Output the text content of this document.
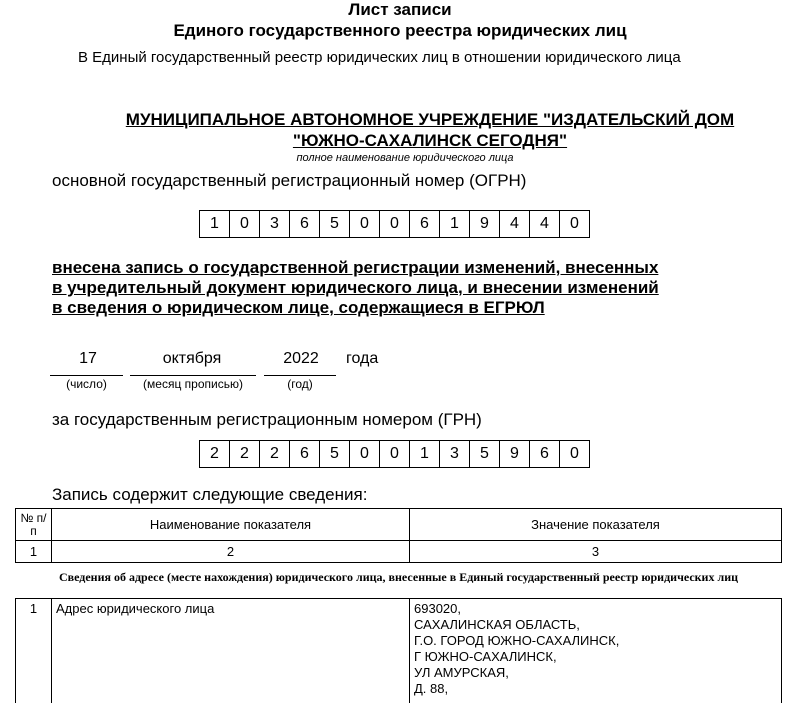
Лист записи
Единого государственного реестра юридических лиц
В Единый государственный реестр юридических лиц в отношении юридического лица
МУНИЦИПАЛЬНОЕ АВТОНОМНОЕ УЧРЕЖДЕНИЕ "ИЗДАТЕЛЬСКИЙ ДОМ
"ЮЖНО-САХАЛИНСК СЕГОДНЯ"
полное наименование юридического лица
основной государственный регистрационный номер (ОГРН)
1	0	3	6	5	0	0	6	1	9	4	4	0
внесена запись о государственной регистрации изменений, внесенных
в учредительный документ юридического лица, и внесении изменений
в сведения о юридическом лице, содержащиеся в ЕГРЮЛ
17
(число)
октября
(месяц прописью)
2022
(год)
года
за государственным регистрационным номером (ГРН)
2	2	2	6	5	0	0	1	3	5	9	6	0
Запись содержит следующие сведения:
№ п/п	Наименование показателя	Значение показателя
1	2	3
Сведения об адресе (месте нахождения) юридического лица, внесенные в Единый государственный реестр юридических лиц
1	Адрес юридического лица	693020,
САХАЛИНСКАЯ ОБЛАСТЬ,
Г.О. ГОРОД ЮЖНО-САХАЛИНСК,
Г ЮЖНО-САХАЛИНСК,
УЛ АМУРСКАЯ,
Д. 88,
